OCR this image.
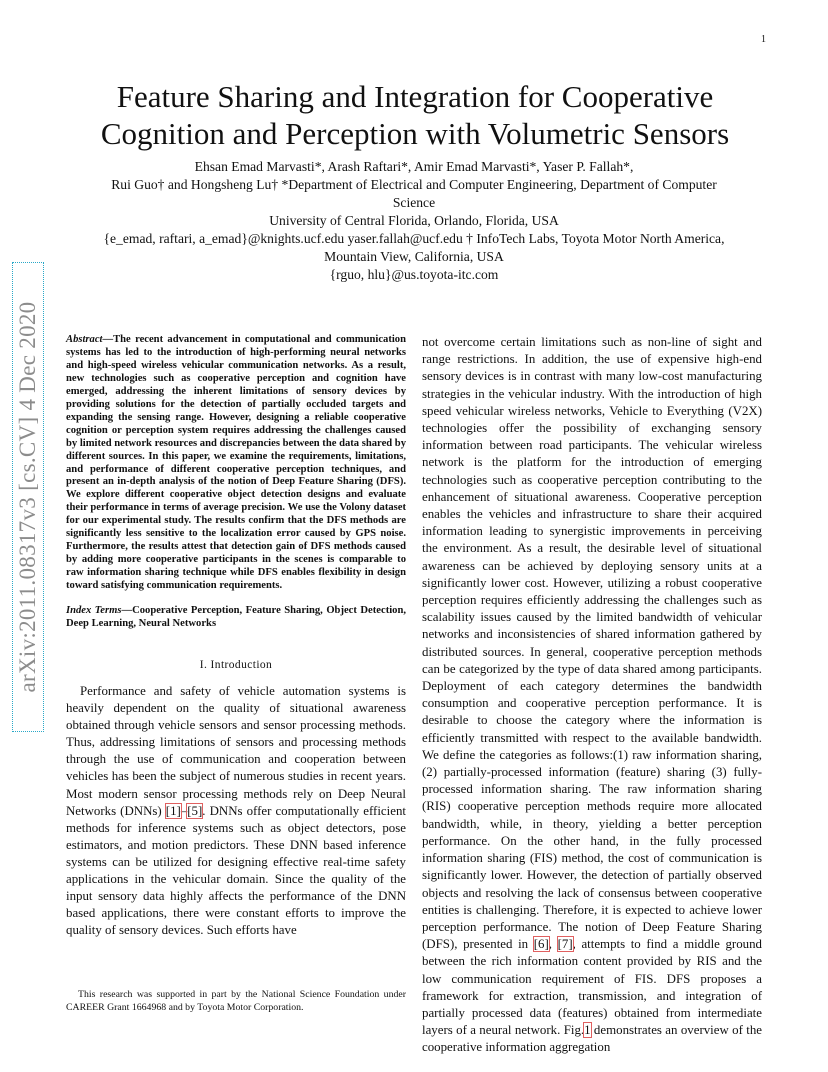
1
arXiv:2011.08317v3 [cs.CV] 4 Dec 2020
Feature Sharing and Integration for Cooperative
Cognition and Perception with Volumetric Sensors
Ehsan Emad Marvasti*, Arash Raftari*, Amir Emad Marvasti*, Yaser P. Fallah*,
Rui Guo† and Hongsheng Lu† *Department of Electrical and Computer Engineering, Department of Computer
Science
University of Central Florida, Orlando, Florida, USA
{e_emad, raftari, a_emad}@knights.ucf.edu yaser.fallah@ucf.edu † InfoTech Labs, Toyota Motor North America,
Mountain View, California, USA
{rguo, hlu}@us.toyota-itc.com

Abstract—The recent advancement in computational and communication systems has led to the introduction of high-performing neural networks and high-speed wireless vehicular communication networks. As a result, new technologies such as cooperative perception and cognition have emerged, addressing the inherent limitations of sensory devices by providing solutions for the detection of partially occluded targets and expanding the sensing range. However, designing a reliable cooperative cognition or perception system requires addressing the challenges caused by limited network resources and discrepancies between the data shared by different sources. In this paper, we examine the requirements, limitations, and performance of different cooperative perception techniques, and present an in-depth analysis of the notion of Deep Feature Sharing (DFS). We explore different cooperative object detection designs and evaluate their performance in terms of average precision. We use the Volony dataset for our experimental study. The results confirm that the DFS methods are significantly less sensitive to the localization error caused by GPS noise. Furthermore, the results attest that detection gain of DFS methods caused by adding more cooperative participants in the scenes is comparable to raw information sharing technique while DFS enables flexibility in design toward satisfying communication requirements.

Index Terms—Cooperative Perception, Feature Sharing, Object Detection, Deep Learning, Neural Networks

I. Introduction

Performance and safety of vehicle automation systems is heavily dependent on the quality of situational awareness obtained through vehicle sensors and sensor processing methods. Thus, addressing limitations of sensors and processing methods through the use of communication and cooperation between vehicles has been the subject of numerous studies in recent years. Most modern sensor processing methods rely on Deep Neural Networks (DNNs) [1]–[5]. DNNs offer computationally efficient methods for inference systems such as object detectors, pose estimators, and motion predictors. These DNN based inference systems can be utilized for designing effective real-time safety applications in the vehicular domain. Since the quality of the input sensory data highly affects the performance of the DNN based applications, there were constant efforts to improve the quality of sensory devices. Such efforts have

not overcome certain limitations such as non-line of sight and range restrictions. In addition, the use of expensive high-end sensory devices is in contrast with many low-cost manufacturing strategies in the vehicular industry. With the introduction of high speed vehicular wireless networks, Vehicle to Everything (V2X) technologies offer the possibility of exchanging sensory information between road participants. The vehicular wireless network is the platform for the introduction of emerging technologies such as cooperative perception contributing to the enhancement of situational awareness. Cooperative perception enables the vehicles and infrastructure to share their acquired information leading to synergistic improvements in perceiving the environment. As a result, the desirable level of situational awareness can be achieved by deploying sensory units at a significantly lower cost. However, utilizing a robust cooperative perception requires efficiently addressing the challenges such as scalability issues caused by the limited bandwidth of vehicular networks and inconsistencies of shared information gathered by distributed sources. In general, cooperative perception methods can be categorized by the type of data shared among participants. Deployment of each category determines the bandwidth consumption and cooperative perception performance. It is desirable to choose the category where the information is efficiently transmitted with respect to the available bandwidth. We define the categories as follows:(1) raw information sharing, (2) partially-processed information (feature) sharing (3) fully-processed information sharing. The raw information sharing (RIS) cooperative perception methods require more allocated bandwidth, while, in theory, yielding a better perception performance. On the other hand, in the fully processed information sharing (FIS) method, the cost of communication is significantly lower. However, the detection of partially observed objects and resolving the lack of consensus between cooperative entities is challenging. Therefore, it is expected to achieve lower perception performance. The notion of Deep Feature Sharing (DFS), presented in [6], [7], attempts to find a middle ground between the rich information content provided by RIS and the low communication requirement of FIS. DFS proposes a framework for extraction, transmission, and integration of partially processed data (features) obtained from intermediate layers of a neural network. Fig.1 demonstrates an overview of the cooperative information aggregation

This research was supported in part by the National Science Foundation under CAREER Grant 1664968 and by Toyota Motor Corporation.
